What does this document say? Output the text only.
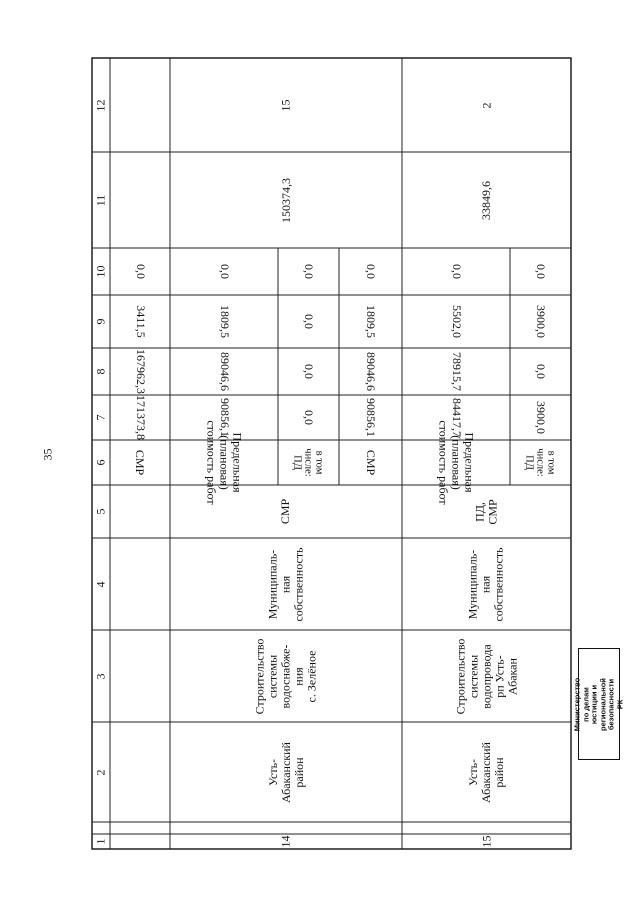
35
12
11
10
9
8
7
6
5
4
3
2
1
СМР
171373,8
167962,3
3411,5
0,0
14
Усть-
Абаканский
район
Строительство
системы
водоснабже-
ния
с. Зелёное
Муниципаль-
ная
собственность
СМР
150374,3
15
Предельная
(плановая)
стоимость работ
90856,1
89046,6
1809,5
0,0
в том
числе:
ПД
0,0
0,0
0,0
0,0
СМР
90856,1
89046,6
1809,5
0,0
15
Усть-
Абаканский
район
Строительство
системы
водопровода
рп Усть-
Абакан
Муниципаль-
ная
собственность
ПД,
СМР
33849,6
2
Предельная
(плановая)
стоимость работ
84417,7
78915,7
5502,0
0,0
в том
числе:
ПД
3900,0
0,0
3900,0
0,0
Министерство по делам
юстиции и региональной
безопасности РК
